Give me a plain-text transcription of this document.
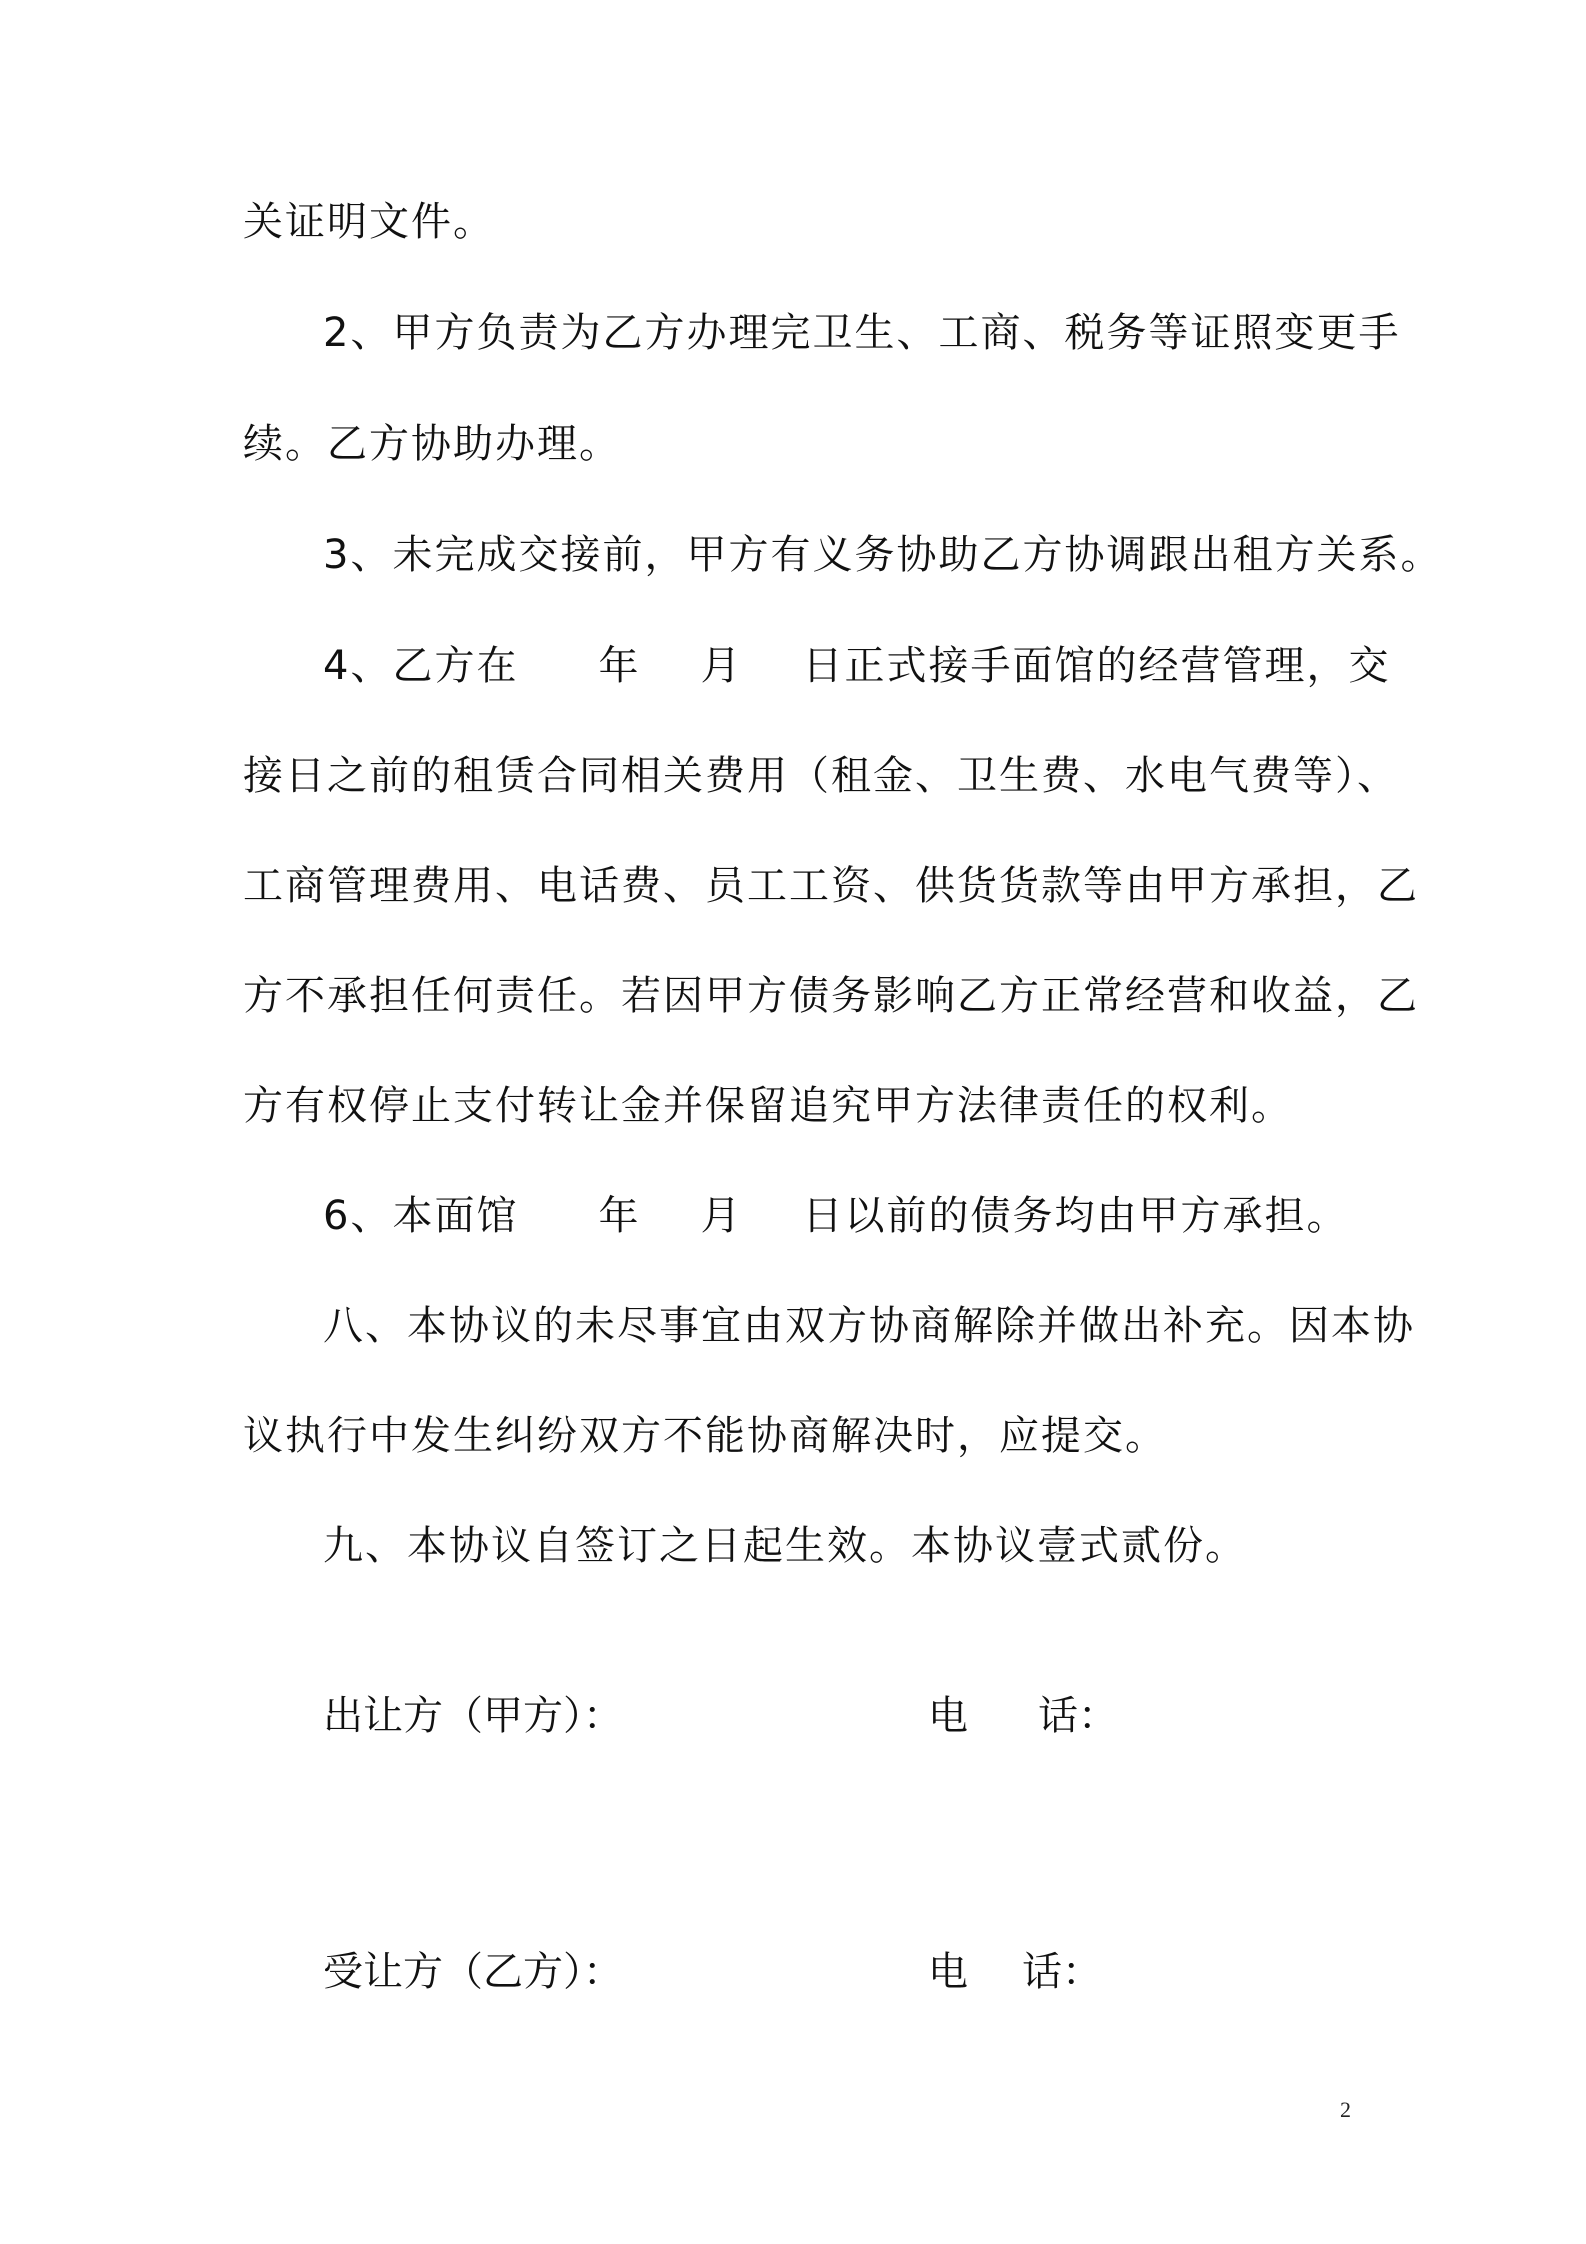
关证明文件。
2、甲方负责为乙方办理完卫生、工商、税务等证照变更手
续。乙方协助办理。
3、未完成交接前，甲方有义务协助乙方协调跟出租方关系。
4、乙方在 年 月 日正式接手面馆的经营管理，交
接日之前的租赁合同相关费用（租金、卫生费、水电气费等）、
工商管理费用、电话费、员工工资、供货货款等由甲方承担，乙
方不承担任何责任。若因甲方债务影响乙方正常经营和收益，乙
方有权停止支付转让金并保留追究甲方法律责任的权利。
6、本面馆 年 月 日以前的债务均由甲方承担。
八、本协议的未尽事宜由双方协商解除并做出补充。因本协
议执行中发生纠纷双方不能协商解决时，应提交。
九、本协议自签订之日起生效。本协议壹式贰份。
出让方（甲方）：	电 话：
受让方（乙方）：	电 话：
2
